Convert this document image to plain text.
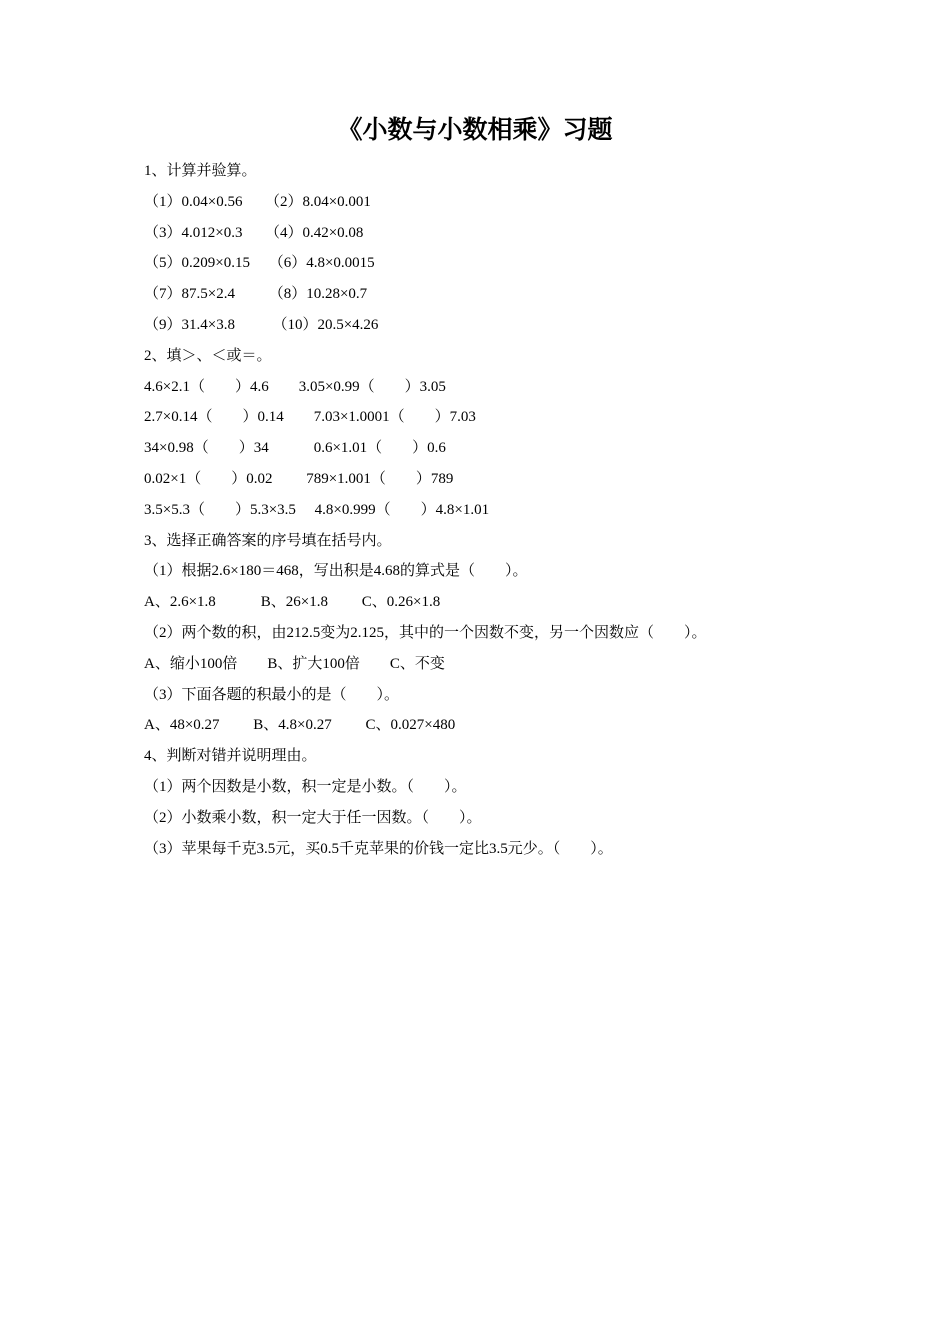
《小数与小数相乘》习题
1、计算并验算。
（1）0.04×0.56　　（2）8.04×0.001
（3）4.012×0.3　　（4）0.42×0.08
（5）0.209×0.15　 （6）4.8×0.0015
（7）87.5×2.4　　 （8）10.28×0.7
（9）31.4×3.8　　  （10）20.5×4.26
2、填＞、＜或＝。
4.6×2.1（　　）4.6　　3.05×0.99（　　）3.05
2.7×0.14（　　）0.14　　7.03×1.0001（　　）7.03
34×0.98（　　）34　　　0.6×1.01（　　）0.6
0.02×1（　　）0.02　　 789×1.001（　　）789
3.5×5.3（　　）5.3×3.5　 4.8×0.999（　　）4.8×1.01
3、选择正确答案的序号填在括号内。
（1）根据2.6×180＝468，写出积是4.68的算式是（　　）。
A、2.6×1.8　　　B、26×1.8　　 C、0.26×1.8
（2）两个数的积，由212.5变为2.125，其中的一个因数不变，另一个因数应（　　）。
A、缩小100倍　　B、扩大100倍　　C、不变
（3）下面各题的积最小的是（　　）。
A、48×0.27　　 B、4.8×0.27　　 C、0.027×480
4、判断对错并说明理由。
（1）两个因数是小数，积一定是小数。（　　）。
（2）小数乘小数，积一定大于任一因数。（　　）。
（3）苹果每千克3.5元，买0.5千克苹果的价钱一定比3.5元少。（　　）。
